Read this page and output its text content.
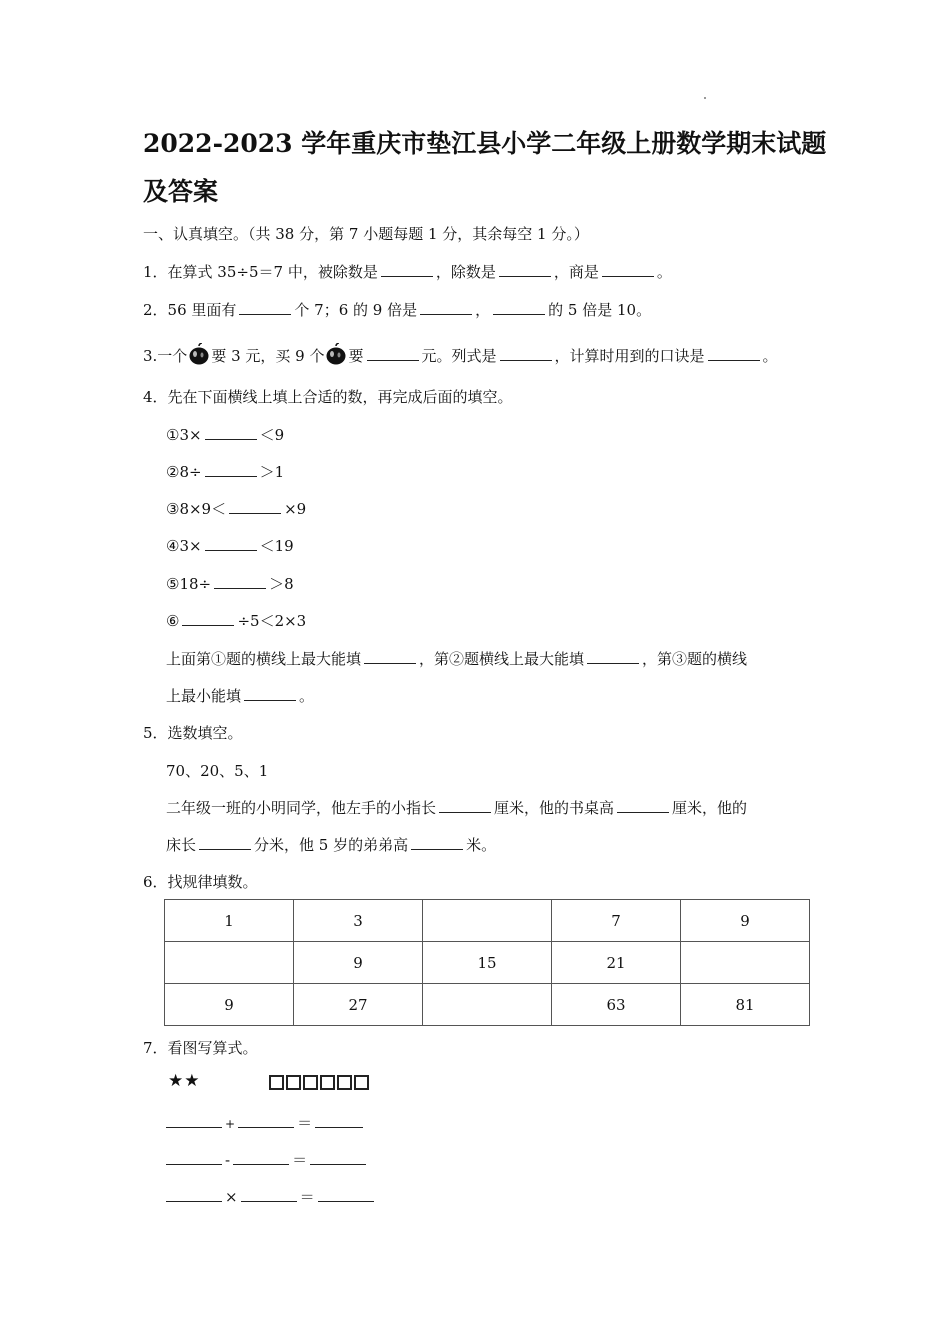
2022-2023 学年重庆市垫江县小学二年级上册数学期末试题
及答案
一、认真填空。（共 38 分，第 7 小题每题 1 分，其余每空 1 分。）
1．在算式 35÷5＝7 中，被除数是	，除数是	，商是	。
2．56 里面有	个 7；6 的 9 倍是	，	的 5 倍是 10。
3.一个 要 3 元，买 9 个 要	元。列式是	，计算时用到的口诀是	。
4．先在下面横线上填上合适的数，再完成后面的填空。
①3×	＜9
②8÷	＞1
③8×9＜	×9
④3×	＜19
⑤18÷	＞8
⑥	÷5＜2×3
上面第①题的横线上最大能填	，第②题横线上最大能填	，第③题的横线
上最小能填	。
5．选数填空。
70、20、5、1
二年级一班的小明同学，他左手的小指长	厘米，他的书桌高	厘米，他的
床长	分米，他 5 岁的弟弟高	米。
6．找规律填数。
1	3		7	9
	9	15	21	
9	27		63	81
7．看图写算式。
★★
+	＝
-	＝
×	＝
